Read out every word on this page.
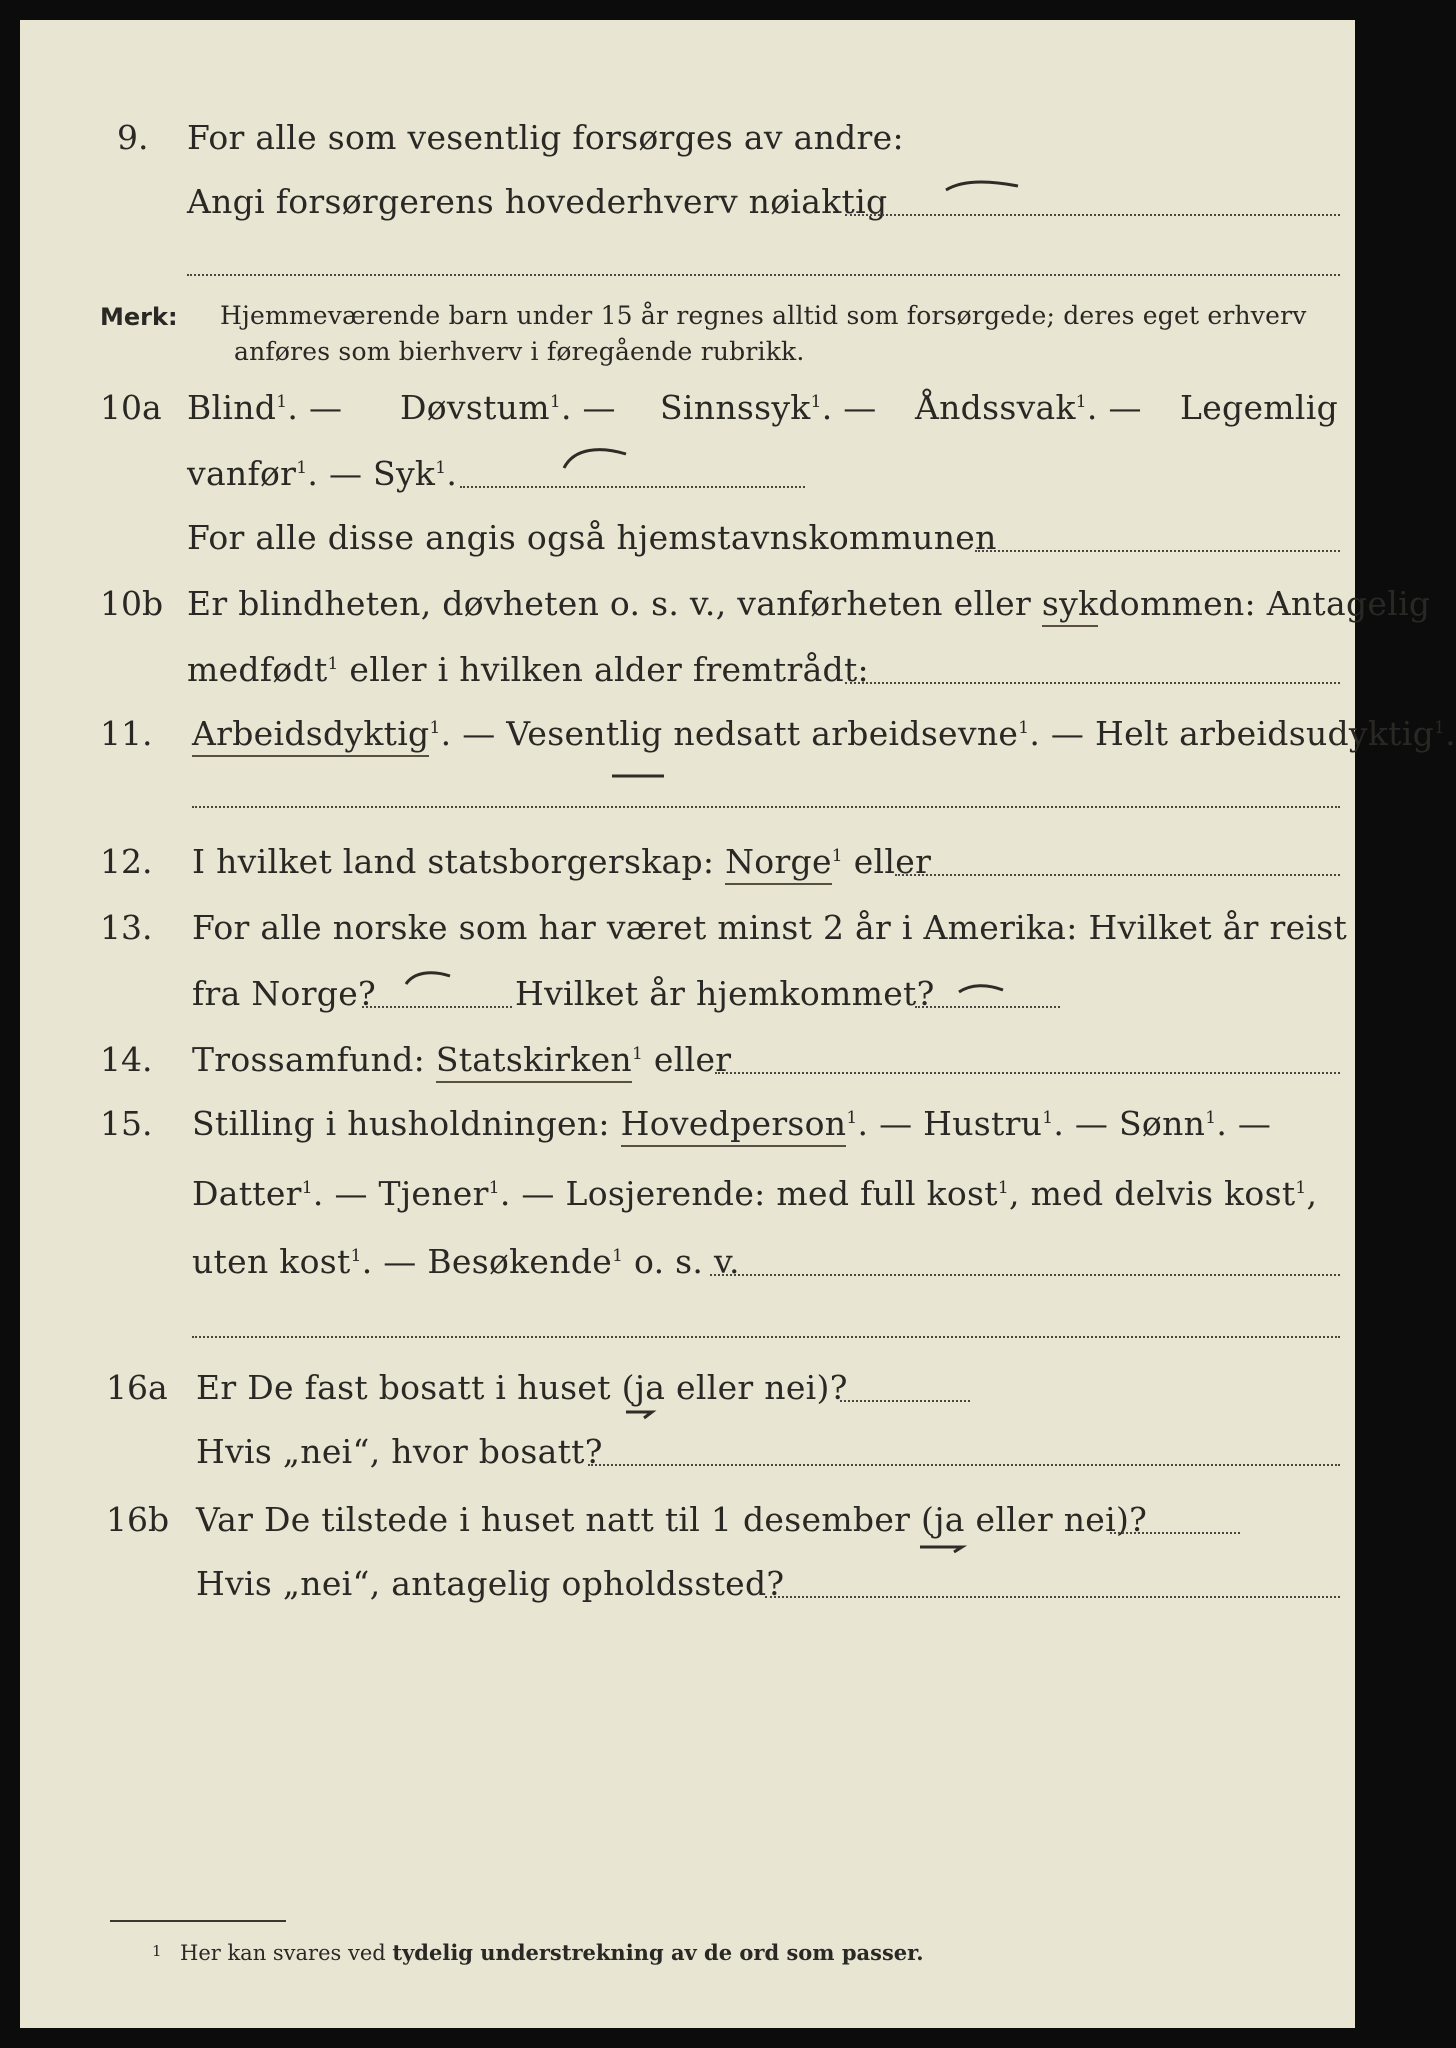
9. For alle som vesentlig forsørges av andre:
Angi forsørgerens hovederhverv nøiaktig
Merk: Hjemmeværende barn under 15 år regnes alltid som forsørgede; deres eget erhverv
anføres som bierhverv i føregående rubrikk.
10a Blind$^1$. — Døvstum$^1$. — Sinnssyk$^1$. — Åndssvak$^1$. — Legemlig
vanfør$^1$. — Syk$^1$.
For alle disse angis også hjemstavnskommunen
10b Er blindheten, døvheten o. s. v., vanførheten eller sykdommen: Antagelig
medfødt$^1$ eller i hvilken alder fremtrådt:
11. Arbeidsdyktig$^1$. — Vesentlig nedsatt arbeidsevne$^1$. — Helt arbeidsudyktig$^1$.
12. I hvilket land statsborgerskap: Norge$^1$ eller
13. For alle norske som har været minst 2 år i Amerika: Hvilket år reist
fra Norge?	Hvilket år hjemkommet?
14. Trossamfund: Statskirken$^1$ eller
15. Stilling i husholdningen: Hovedperson$^1$. — Hustru$^1$. — Sønn$^1$. —
Datter$^1$. — Tjener$^1$. — Losjerende: med full kost$^1$, med delvis kost$^1$,
uten kost$^1$. — Besøkende$^1$ o. s. v.
16a Er De fast bosatt i huset (ja eller nei)?
Hvis „nei“, hvor bosatt?
16b Var De tilstede i huset natt til 1 desember (ja eller nei)?
Hvis „nei“, antagelig opholdssted?
1 Her kan svares ved tydelig understrekning av de ord som passer.
